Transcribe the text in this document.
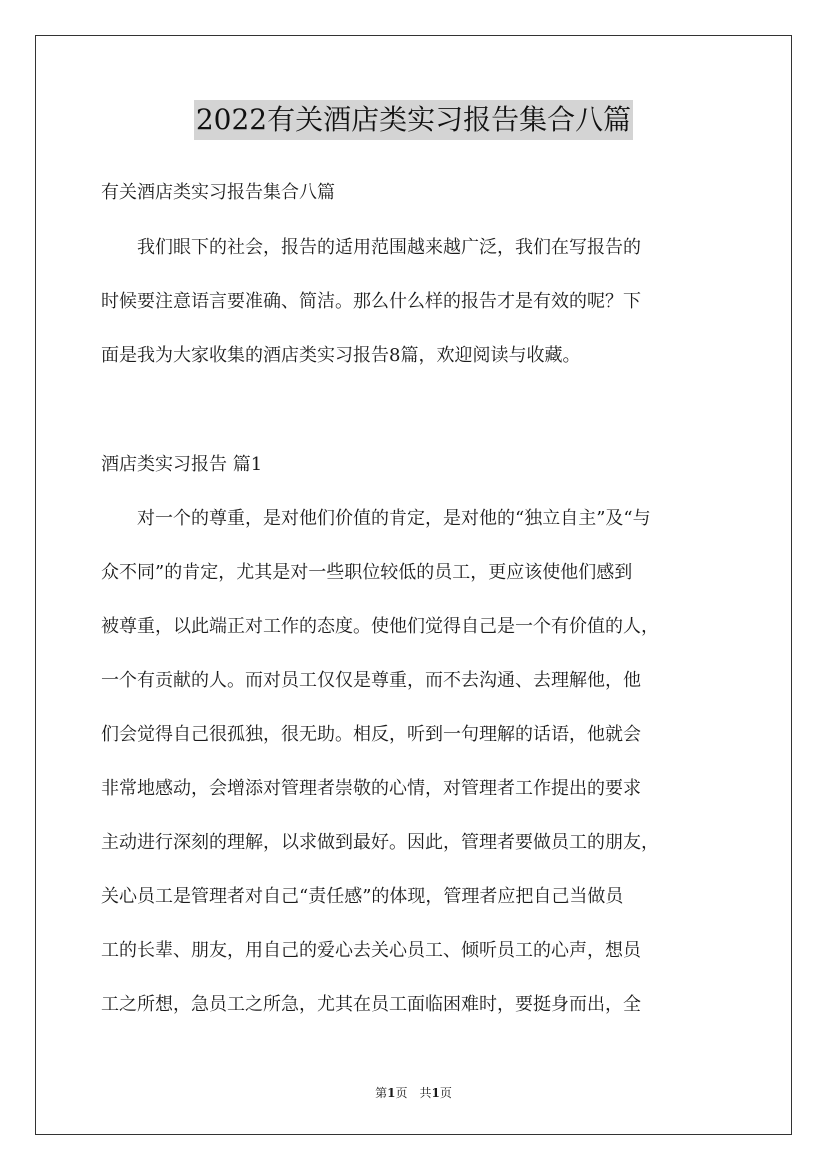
2022有关酒店类实习报告集合八篇
有关酒店类实习报告集合八篇
　　我们眼下的社会，报告的适用范围越来越广泛，我们在写报告的
时候要注意语言要准确、简洁。那么什么样的报告才是有效的呢？下
面是我为大家收集的酒店类实习报告8篇，欢迎阅读与收藏。
酒店类实习报告 篇1
　　对一个的尊重，是对他们价值的肯定，是对他的“独立自主”及“与
众不同”的肯定，尤其是对一些职位较低的员工，更应该使他们感到
被尊重，以此端正对工作的态度。使他们觉得自己是一个有价值的人，
一个有贡献的人。而对员工仅仅是尊重，而不去沟通、去理解他，他
们会觉得自己很孤独，很无助。相反，听到一句理解的话语，他就会
非常地感动，会增添对管理者崇敬的心情，对管理者工作提出的要求
主动进行深刻的理解，以求做到最好。因此，管理者要做员工的朋友，
关心员工是管理者对自己“责任感”的体现，管理者应把自己当做员
工的长辈、朋友，用自己的爱心去关心员工、倾听员工的心声，想员
工之所想，急员工之所急，尤其在员工面临困难时，要挺身而出，全
第1页　共1页
